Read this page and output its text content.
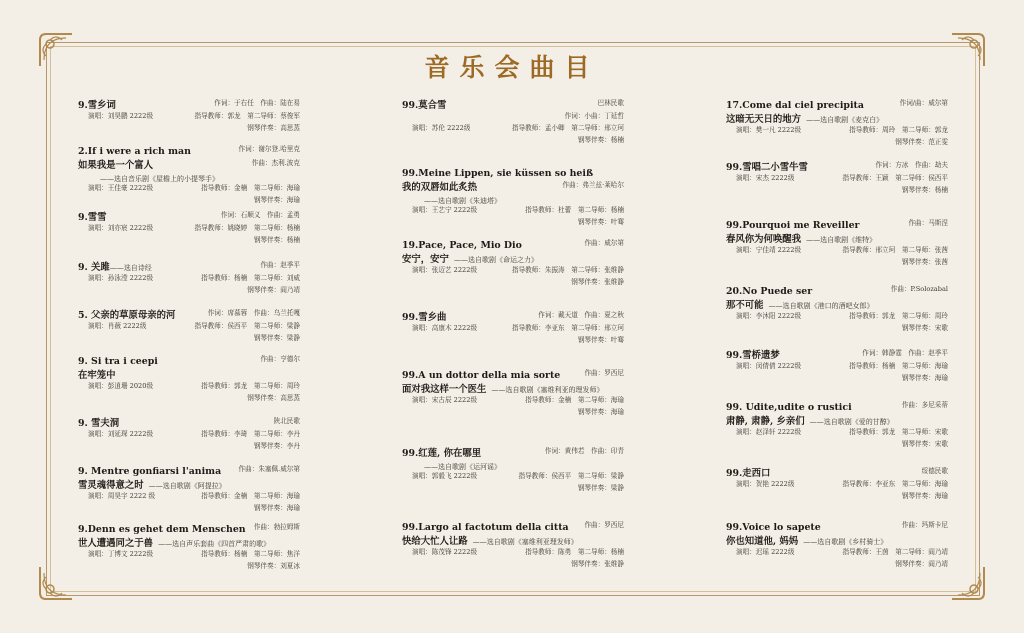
音乐会曲目
9.雪乡词	作词：于右任　作曲：陆在易
演唱：刘昊鹏 2222级	指导教师：郭龙　第二导师：蔡俊军
钢琴伴奏：高思蒸
2.If i were a rich man	作词：谢尔登.哈里克
如果我是一个富人	作曲：杰利.波克
——选自音乐剧《屋檐上的小提琴手》
演唱：王佳豪 2222级	指导教师：金楠　第二导师：海瑜
钢琴伴奏：海瑜
9.雪雪	作词：石顺义　作曲：孟勇
演唱：刘亦宸 2222级	指导教师：姚晓婷　第二导师：杨楠
钢琴伴奏：杨楠
9. 关雎——选自诗经	作曲：赵季平
演唱：孙泳滢 2222级	指导教师：杨楠　第二导师：刘威
钢琴伴奏：阎乃靖
5. 父亲的草原母亲的河	作词：席慕蓉　作曲：乌兰托嘎
演唱：肖薇 2222级	指导教师：侯西平　第二导师：梁静
钢琴伴奏：梁静
9. Si tra i ceepi	作曲：亨德尔
在牢笼中
演唱：彭逍珊 2020级	指导教师：郭龙　第二导师：周玲
钢琴伴奏：高思蒸
9. 雪夫洞	陕北民歌
演唱：刘延琛 2222级	指导教师：李琦　第二导师：李丹
钢琴伴奏：李丹
9. Mentre gonfiarsi l'anima	作曲：朱塞佩.威尔第
雪灵魂得意之时 ——选自歌剧《阿提拉》
演唱：周昊宇 2222 级	指导教师：金楠　第二导师：海瑜
钢琴伴奏：海瑜
9.Denn es gehet dem Menschen 作曲：勃拉姆斯
世人遭遇同之于兽 ——选自声乐套曲《四首严肃的歌》
演唱：丁博文 2222级	指导教师：杨楠　第二导师：焦洋
钢琴伴奏：刘夏冰
99.莫合雪	巴林民歌
作词：小曲：丁延哲
演唱：苏伦 2222级	指导教师：孟小卿　第二导师：邢立珂
钢琴伴奏：杨楠
99.Meine Lippen, sie küssen so heiß
我的双唇如此炙热	作曲：弗兰兹·莱哈尔
——选自歌剧《朱迪塔》
演唱：王艺宁 2222级	指导教师：杜蕾　第二导师：杨楠
钢琴伴奏：叶骞
19.Pace, Pace, Mio Dio	作曲：威尔第
安宁，安宁 ——选自歌剧《命运之力》
演唱：张迈艺 2222级	指导教师：朱振涛　第二导师：张维静
钢琴伴奏：张维静
99.雪乡曲	作词：戴天道　作曲：夏之秋
演唱：高康木 2222级	指导教师：李亚东　第二导师：邢立珂
钢琴伴奏：叶骞
99.A un dottor della mia sorte	作曲：罗西尼
面对我这样一个医生 ——选自歌剧《塞维利亚的理发师》
演唱：宋古辰 2222级	指导教师：金楠　第二导师：海瑜
钢琴伴奏：海瑜
99.红莲, 你在哪里	作词：黄伟若　作曲：印青
——选自歌剧《运河谣》
演唱：郭毅飞 2222级	指导教师：侯西平　第二导师：梁静
钢琴伴奏：梁静
99.Largo al factotum della citta 作曲：罗西尼
快给大忙人让路 ——选自歌剧《塞维利亚理发师》
演唱：陈茂锋 2222级	指导教师：陈勇　第二导师：杨楠
钢琴伴奏：张维静
17.Come dal ciel precipita	作词/曲：威尔第
这暗无天日的地方 ——选自歌剧《麦克白》
演唱：樊一凡 2222级	指导教师：周玲　第二导师：郭龙
钢琴伴奏：范正雯
99.雪唱二小雪牛雪	作词：方冰　作曲：劫夫
演唱：宋杰 2222级	指导教师：王颖　第二导师：侯西平
钢琴伴奏：杨楠
99.Pourquoi me Reveiller	作曲：马斯涅
春风你为何唤醒我 ——选自歌剧《维特》
演唱：宁佳靖 2222级	指导教师：邢立珂　第二导师：张茜
钢琴伴奏：张茜
20.No Puede ser	作曲：P.Solozabal
那不可能 ——选自歌剧《港口的酒吧女郎》
演唱：李沐阳 2222级	指导教师：郭龙　第二导师：周玲
钢琴伴奏：宋歌
99.雪桥遗梦	作词：韩静霆　作曲：赵季平
演唱：闵倩倩 2222级	指导教师：杨楠　第二导师：海瑜
钢琴伴奏：海瑜
99. Udite,udite o rustici	作曲：多尼采蒂
肃静, 肃静, 乡亲们 ——选自歌剧《爱的甘醇》
演唱：赵泽轩 2222级	指导教师：郭龙　第二导师：宋歌
钢琴伴奏：宋歌
99.走西口	绥德民歌
演唱：贺艳 2222级	指导教师：李亚东　第二导师：海瑜
钢琴伴奏：海瑜
99.Voice lo sapete	作曲：玛斯卡尼
你也知道他, 妈妈 ——选自歌剧《乡村骑士》
演唱：迟瑶 2222级	指导教师：王茵　第二导师：阎乃靖
钢琴伴奏：阎乃靖
